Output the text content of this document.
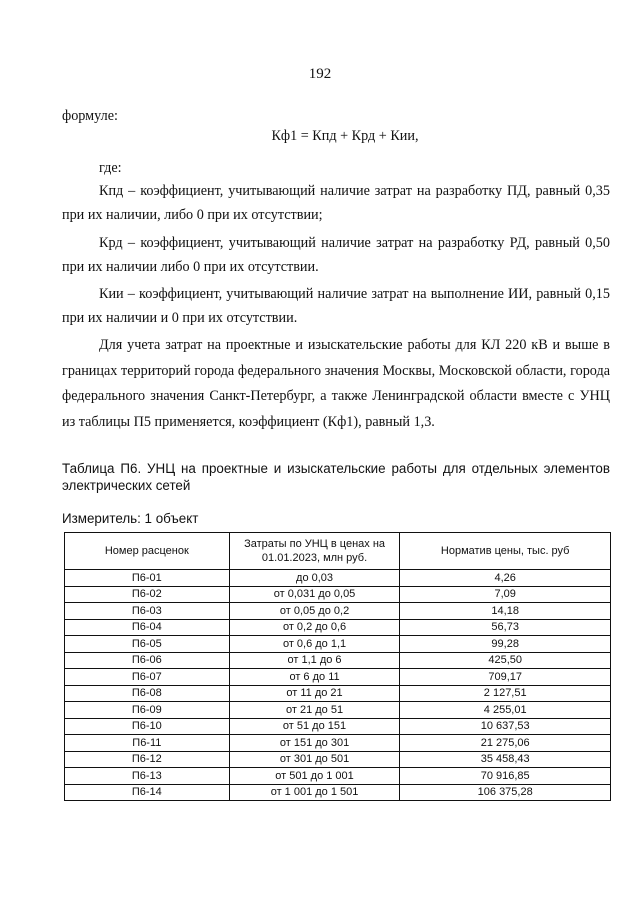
192

формуле:

Кф1 = Кпд + Крд + Кии,

где:

Кпд – коэффициент, учитывающий наличие затрат на разработку ПД, равный 0,35 при их наличии, либо 0 при их отсутствии;

Крд – коэффициент, учитывающий наличие затрат на разработку РД, равный 0,50 при их наличии либо 0 при их отсутствии.

Кии – коэффициент, учитывающий наличие затрат на выполнение ИИ, равный 0,15 при их наличии и 0 при их отсутствии.

Для учета затрат на проектные и изыскательские работы для КЛ 220 кВ и выше в границах территорий города федерального значения Москвы, Московской области, города федерального значения Санкт-Петербург, а также Ленинградской области вместе с УНЦ из таблицы П5 применяется, коэффициент (Кф1), равный 1,3.

Таблица П6. УНЦ на проектные и изыскательские работы для отдельных элементов электрических сетей
Измеритель: 1 объект
Номер расценок	Затраты по УНЦ в ценах на 01.01.2023, млн руб.	Норматив цены, тыс. руб
П6-01	до 0,03	4,26
П6-02	от 0,031 до 0,05	7,09
П6-03	от 0,05 до 0,2	14,18
П6-04	от 0,2 до 0,6	56,73
П6-05	от 0,6 до 1,1	99,28
П6-06	от 1,1 до 6	425,50
П6-07	от 6 до 11	709,17
П6-08	от 11 до 21	2 127,51
П6-09	от 21 до 51	4 255,01
П6-10	от 51 до 151	10 637,53
П6-11	от 151 до 301	21 275,06
П6-12	от 301 до 501	35 458,43
П6-13	от 501 до 1 001	70 916,85
П6-14	от 1 001 до 1 501	106 375,28
